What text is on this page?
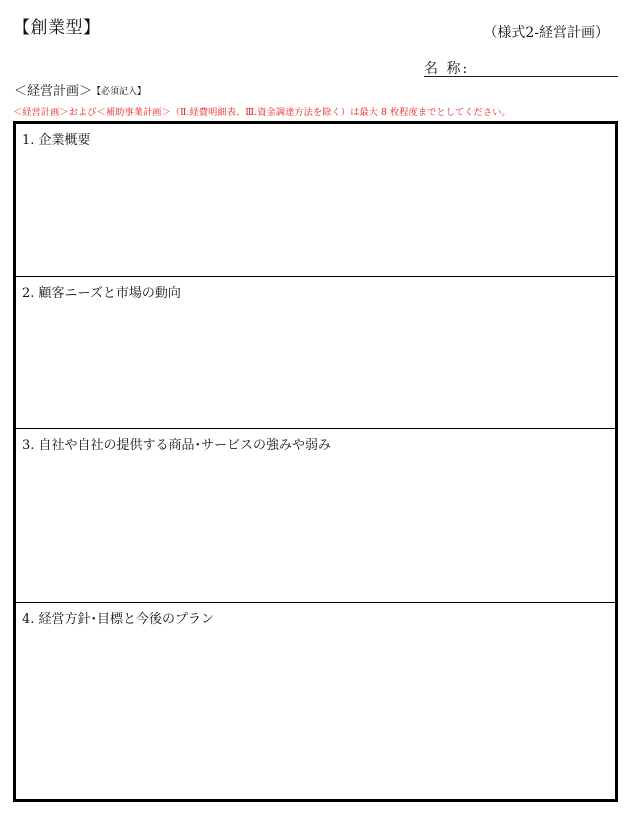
【創業型】	（様式2-経営計画）
名 称:
＜経営計画＞【必須記入】
＜経営計画＞および＜補助事業計画＞（Ⅱ.経費明細表、Ⅲ.資金調達方法を除く）は最大 8 枚程度までとしてください。
1. 企業概要
2. 顧客ニーズと市場の動向
3. 自社や自社の提供する商品･サービスの強みや弱み
4. 経営方針･目標と今後のプラン
